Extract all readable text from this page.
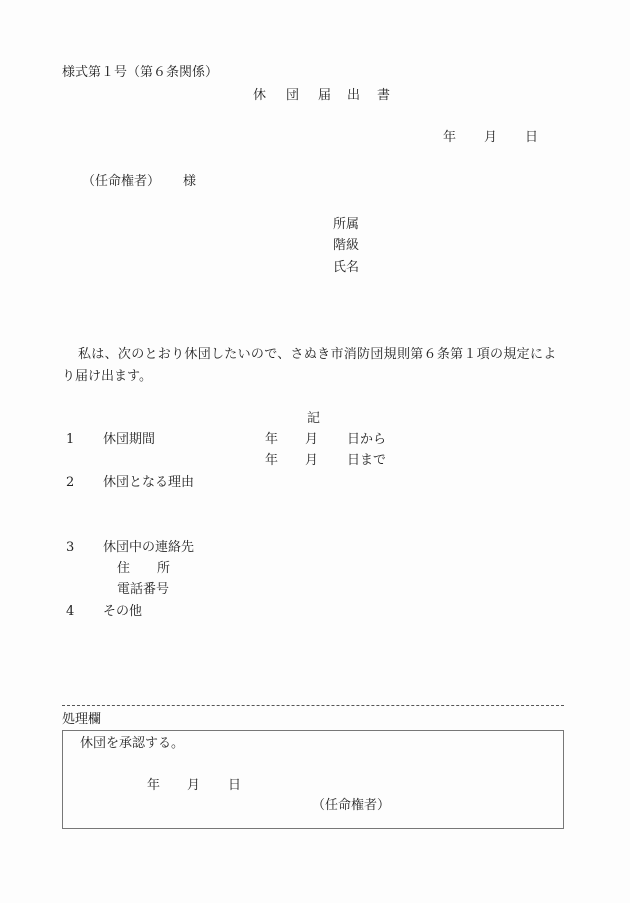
様式第１号（第６条関係）
休 団 届 出 書
年 月 日
（任命権者） 様
所属
階級
氏名
私は、次のとおり休団したいので、さぬき市消防団規則第６条第１項の規定によ
り届け出ます。
記
1 休団期間	年 月 日から
年 月 日まで
2 休団となる理由
3 休団中の連絡先
住 所
電話番号
4 その他
処理欄
休団を承認する。
年 月 日
（任命権者）
